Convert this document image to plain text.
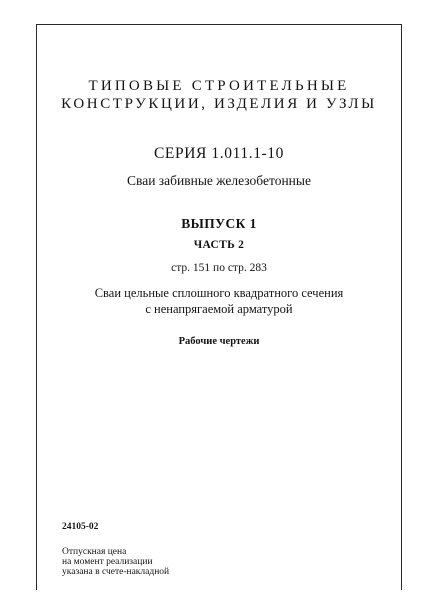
ТИПОВЫЕ СТРОИТЕЛЬНЫЕ
КОНСТРУКЦИИ, ИЗДЕЛИЯ И УЗЛЫ
СЕРИЯ 1.011.1-10
Сваи забивные железобетонные
ВЫПУСК 1
ЧАСТЬ 2
стр. 151 по стр. 283
Сваи цельные сплошного квадратного сечения
с ненапрягаемой арматурой
Рабочие чертежи
24105-02
Отпускная цена
на момент реализации
указана в счете-накладной
